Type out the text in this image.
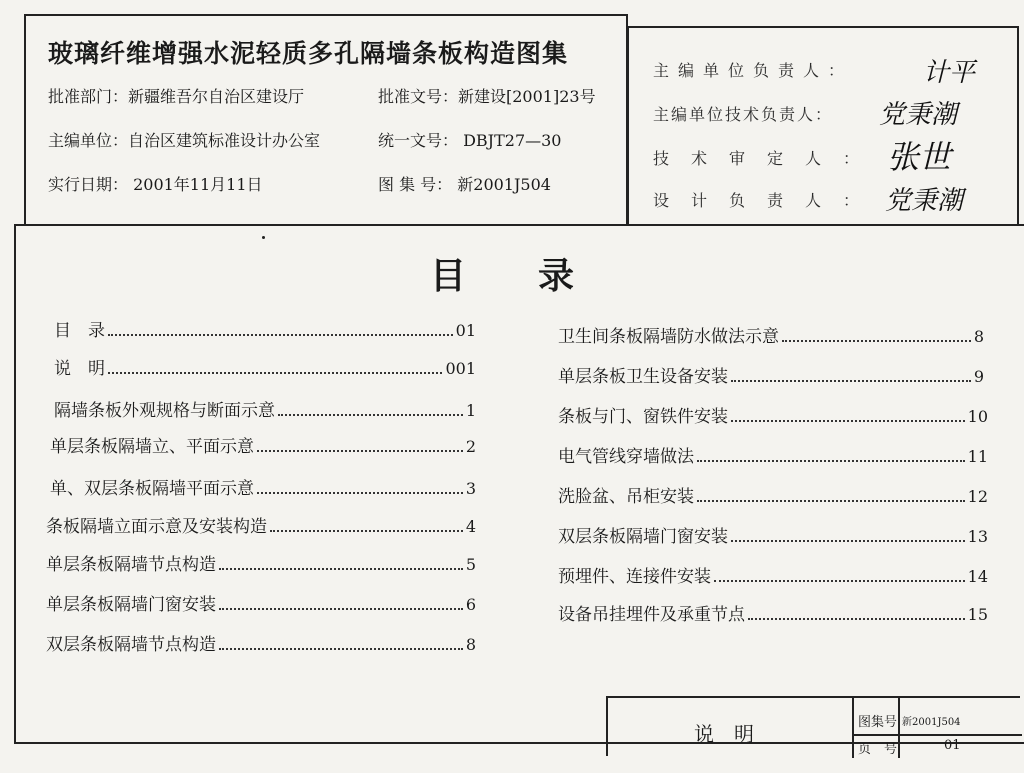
玻璃纤维增强水泥轻质多孔隔墙条板构造图集
批准部门：新疆维吾尔自治区建设厅	批准文号：新建设[2001]23号
主编单位：自治区建筑标准设计办公室	统一文号： DBJT27—30
实行日期： 2001年11月11日	图 集 号： 新2001J504
主编单位负责人：	计平
主编单位技术负责人： 党秉潮
技术审定人： 张世
设计负责人： 党秉潮
目　　录
目　录	01
说　明	001
隔墙条板外观规格与断面示意	1
单层条板隔墙立、平面示意	2
单、双层条板隔墙平面示意	3
条板隔墙立面示意及安装构造	4
单层条板隔墙节点构造	5
单层条板隔墙门窗安装	6
双层条板隔墙节点构造	8
卫生间条板隔墙防水做法示意	8
单层条板卫生设备安装	9
条板与门、窗铁件安装	10
电气管线穿墙做法	11
洗脸盆、吊柜安装	12
双层条板隔墙门窗安装	13
预埋件、连接件安装	14
设备吊挂埋件及承重节点	15
说　明	图集号 新2001J504
页　号	01
